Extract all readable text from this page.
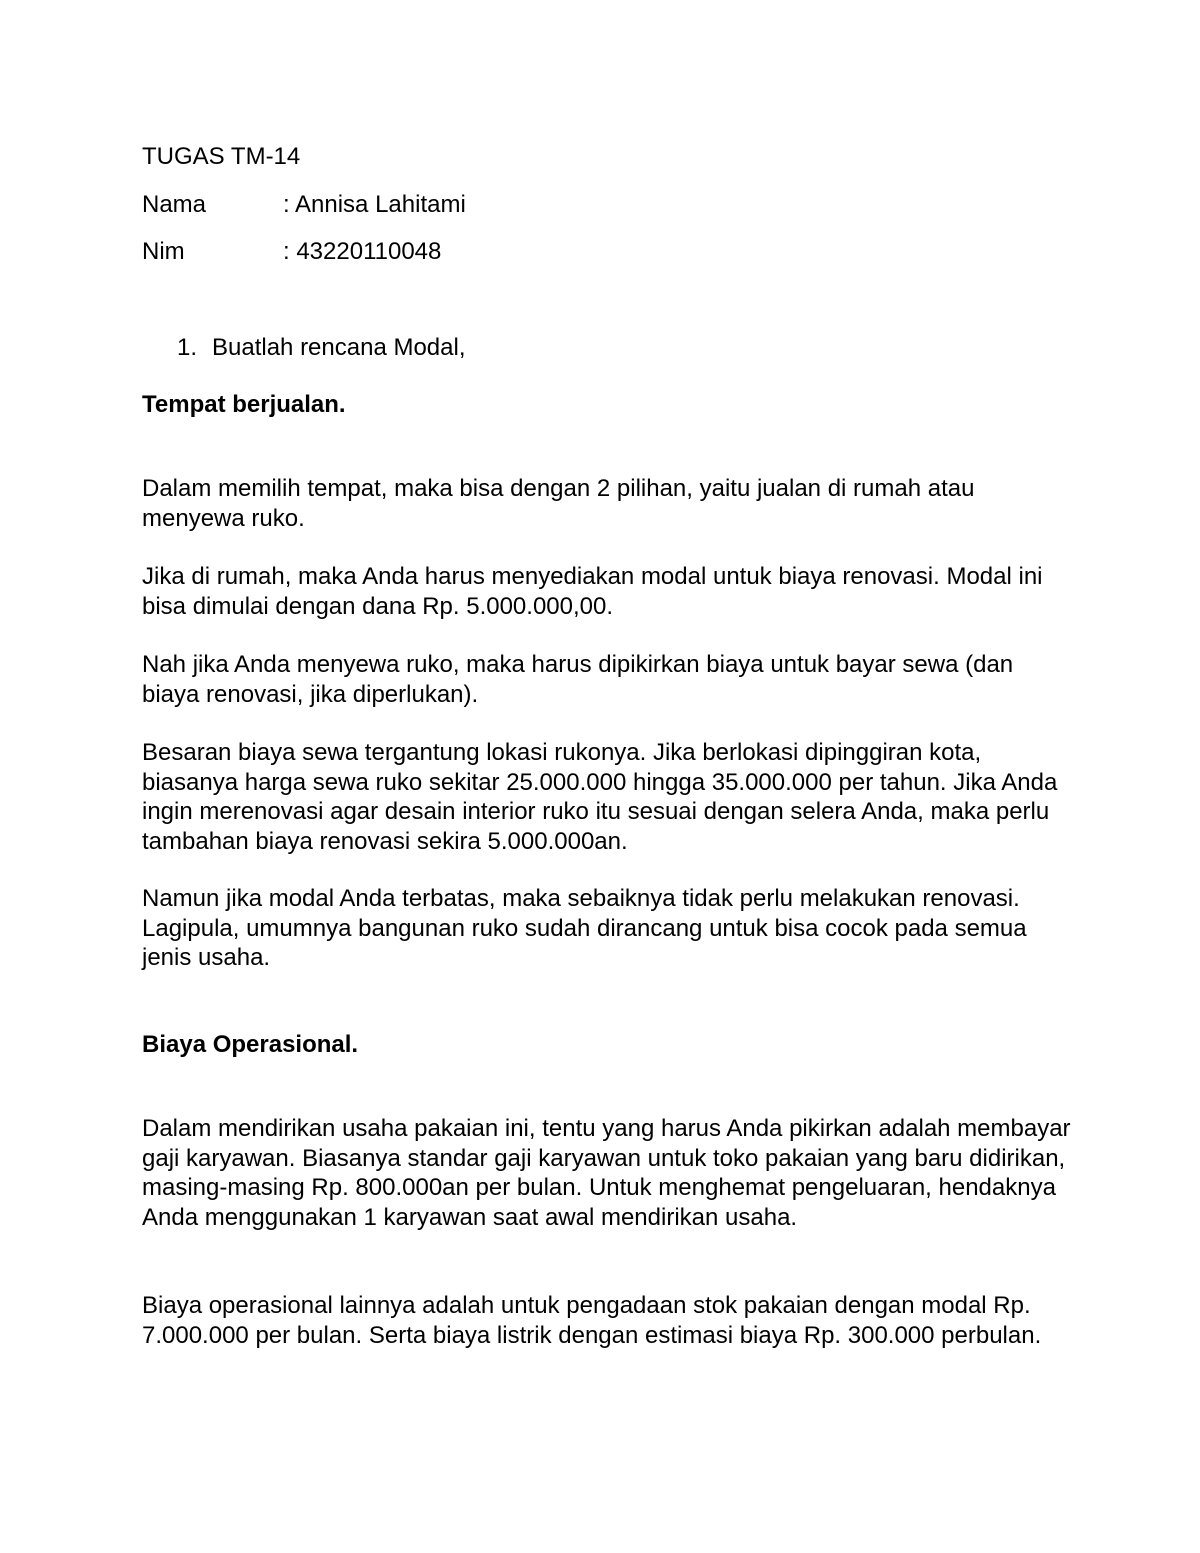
TUGAS TM-14
Nama	: Annisa Lahitami
Nim	: 43220110048
1. Buatlah rencana Modal,
Tempat berjualan.
Dalam memilih tempat, maka bisa dengan 2 pilihan, yaitu jualan di rumah atau menyewa ruko.
Jika di rumah, maka Anda harus menyediakan modal untuk biaya renovasi. Modal ini bisa dimulai dengan dana Rp. 5.000.000,00.
Nah jika Anda menyewa ruko, maka harus dipikirkan biaya untuk bayar sewa (dan biaya renovasi, jika diperlukan).
Besaran biaya sewa tergantung lokasi rukonya. Jika berlokasi dipinggiran kota, biasanya harga sewa ruko sekitar 25.000.000 hingga 35.000.000 per tahun. Jika Anda ingin merenovasi agar desain interior ruko itu sesuai dengan selera Anda, maka perlu tambahan biaya renovasi sekira 5.000.000an.
Namun jika modal Anda terbatas, maka sebaiknya tidak perlu melakukan renovasi. Lagipula, umumnya bangunan ruko sudah dirancang untuk bisa cocok pada semua jenis usaha.
Biaya Operasional.
Dalam mendirikan usaha pakaian ini, tentu yang harus Anda pikirkan adalah membayar gaji karyawan. Biasanya standar gaji karyawan untuk toko pakaian yang baru didirikan, masing-masing Rp. 800.000an per bulan. Untuk menghemat pengeluaran, hendaknya Anda menggunakan 1 karyawan saat awal mendirikan usaha.
Biaya operasional lainnya adalah untuk pengadaan stok pakaian dengan modal Rp. 7.000.000 per bulan. Serta biaya listrik dengan estimasi biaya Rp. 300.000 perbulan.
